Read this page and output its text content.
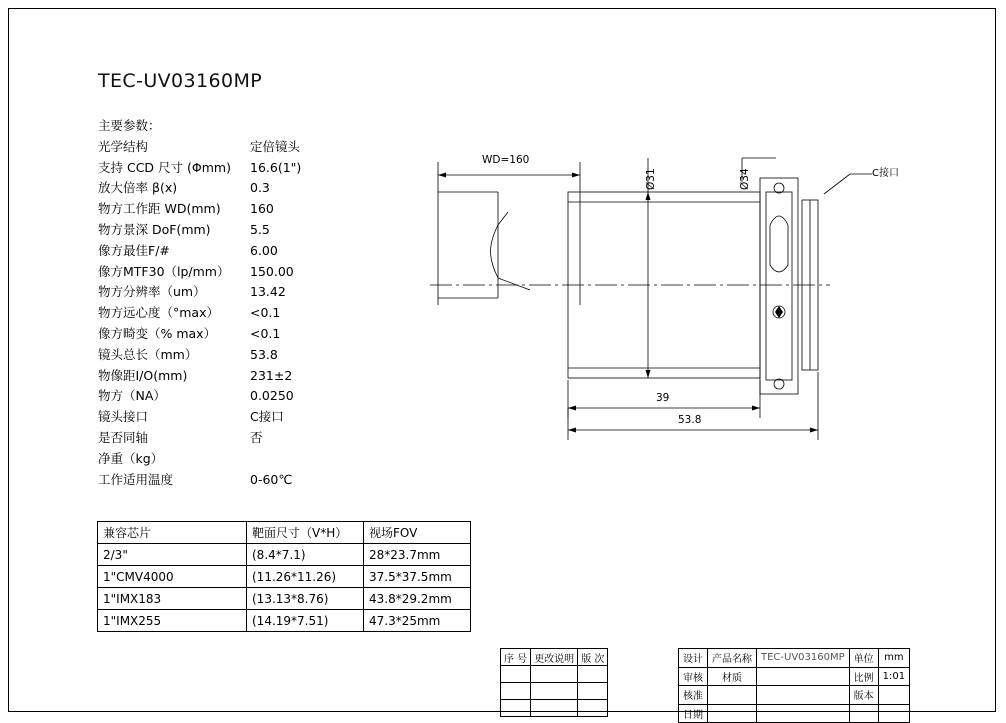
TEC-UV03160MP
主要参数：
光学结构	定倍镜头
支持 CCD 尺寸 (Φmm)	16.6(1")
放大倍率 β(x)	0.3
物方工作距 WD(mm)	160
物方景深 DoF(mm)	5.5
像方最佳F/#	6.00
像方MTF30（lp/mm）	150.00
物方分辨率（um）	13.42
物方远心度（°max）	<0.1
像方畸变（% max）	<0.1
镜头总长（mm）	53.8
物像距I/O(mm)	231±2
物方（NA）	0.0250
镜头接口	C接口
是否同轴	否
净重（kg）
工作适用温度	0-60℃
兼容芯片	靶面尺寸（V*H）	视场FOV
2/3"	(8.4*7.1)	28*23.7mm
1"CMV4000	(11.26*11.26)	37.5*37.5mm
1"IMX183	(13.13*8.76)	43.8*29.2mm
1"IMX255	(14.19*7.51)	47.3*25mm
WD=160
Ø31	Ø34	C接口
39
53.8
序 号	更改说明	版 次

			设计	产品名称	TEC-UV03160MP	单位	mm
审核	材质		比例	1:01
核准			版本	
日期				
